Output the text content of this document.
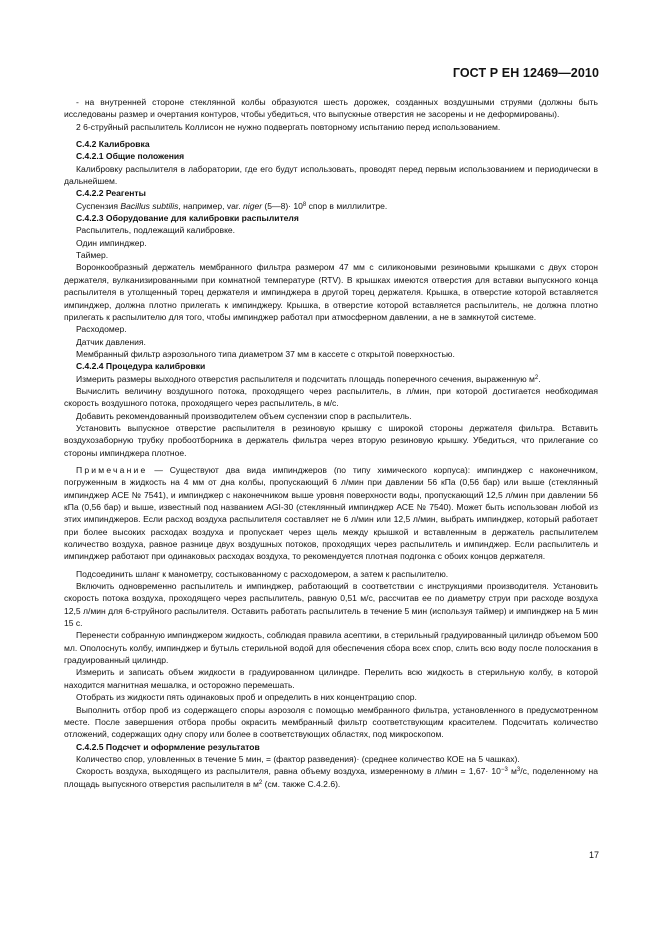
ГОСТ Р ЕН 12469—2010

- на внутренней стороне стеклянной колбы образуются шесть дорожек, созданных воздушными струями (должны быть исследованы размер и очертания контуров, чтобы убедиться, что выпускные отверстия не засорены и не деформированы).

2 6-струйный распылитель Коллисон не нужно подвергать повторному испытанию перед использованием.

С.4.2 Калибровка

С.4.2.1 Общие положения

Калибровку распылителя в лаборатории, где его будут использовать, проводят перед первым использованием и периодически в дальнейшем.

С.4.2.2 Реагенты

Суспензия Bacillus subtilis, например, var. niger (5—8)· $10^8$ спор в миллилитре.

С.4.2.3 Оборудование для калибровки распылителя

Распылитель, подлежащий калибровке.

Один импинджер.

Таймер.

Воронкообразный держатель мембранного фильтра размером 47 мм с силиконовыми резиновыми крышками с двух сторон держателя, вулканизированными при комнатной температуре (RTV). В крышках имеются отверстия для вставки выпускного конца распылителя в утолщенный торец держателя и импинджера в другой торец держателя. Крышка, в отверстие которой вставляется импинджер, должна плотно прилегать к импинджеру. Крышка, в отверстие которой вставляется распылитель, не должна плотно прилегать к распылителю для того, чтобы импинджер работал при атмосферном давлении, а не в замкнутой системе.

Расходомер.

Датчик давления.

Мембранный фильтр аэрозольного типа диаметром 37 мм в кассете с открытой поверхностью.

С.4.2.4 Процедура калибровки

Измерить размеры выходного отверстия распылителя и подсчитать площадь поперечного сечения, выраженную $м^2$.

Вычислить величину воздушного потока, проходящего через распылитель, в л/мин, при которой достигается необходимая скорость воздушного потока, проходящего через распылитель, в м/с.

Добавить рекомендованный производителем объем суспензии спор в распылитель.

Установить выпускное отверстие распылителя в резиновую крышку с широкой стороны держателя фильтра. Вставить воздухозаборную трубку пробоотборника в держатель фильтра через вторую резиновую крышку. Убедиться, что прилегание со стороны импинджера плотное.

Примечание — Существуют два вида импинджеров (по типу химического корпуса): импинджер с наконечником, погруженным в жидкость на 4 мм от дна колбы, пропускающий 6 л/мин при давлении 56 кПа (0,56 бар) или выше (стеклянный импинджер АСЕ № 7541), и импинджер с наконечником выше уровня поверхности воды, пропускающий 12,5 л/мин при давлении 56 кПа (0,56 бар) и выше, известный под названием AGI-30 (стеклянный импинджер АСЕ № 7540). Может быть использован любой из этих импинджеров. Если расход воздуха распылителя составляет не 6 л/мин или 12,5 л/мин, выбрать импинджер, который работает при более высоких расходах воздуха и пропускает через щель между крышкой и вставленным в держатель распылителем количество воздуха, равное разнице двух воздушных потоков, проходящих через распылитель и импинджер. Если распылитель и импинджер работают при одинаковых расходах воздуха, то рекомендуется плотная подгонка с обоих концов держателя.

Подсоединить шланг к манометру, состыкованному с расходомером, а затем к распылителю.

Включить одновременно распылитель и импинджер, работающий в соответствии с инструкциями производителя. Установить скорость потока воздуха, проходящего через распылитель, равную 0,51 м/с, рассчитав ее по диаметру струи при расходе воздуха 12,5 л/мин для 6-струйного распылителя. Оставить работать распылитель в течение 5 мин (используя таймер) и импинджер на 5 мин 15 с.

Перенести собранную импинджером жидкость, соблюдая правила асептики, в стерильный градуированный цилиндр объемом 500 мл. Ополоснуть колбу, импинджер и бутыль стерильной водой для обеспечения сбора всех спор, слить всю воду после полоскания в градуированный цилиндр.

Измерить и записать объем жидкости в градуированном цилиндре. Перелить всю жидкость в стерильную колбу, в которой находится магнитная мешалка, и осторожно перемешать.

Отобрать из жидкости пять одинаковых проб и определить в них концентрацию спор.

Выполнить отбор проб из содержащего споры аэрозоля с помощью мембранного фильтра, установленного в предусмотренном месте. После завершения отбора пробы окрасить мембранный фильтр соответствующим красителем. Подсчитать количество отложений, содержащих одну спору или более в соответствующих областях, под микроскопом.

С.4.2.5 Подсчет и оформление результатов

Количество спор, уловленных в течение 5 мин, = (фактор разведения)· (среднее количество КОЕ на 5 чашках).

Скорость воздуха, выходящего из распылителя, равна объему воздуха, измеренному в $л/мин = 1,67\cdot 10^{-3}$ $м^3/с$, поделенному на площадь выпускного отверстия распылителя в $м^2$ (см. также С.4.2.6).

17
